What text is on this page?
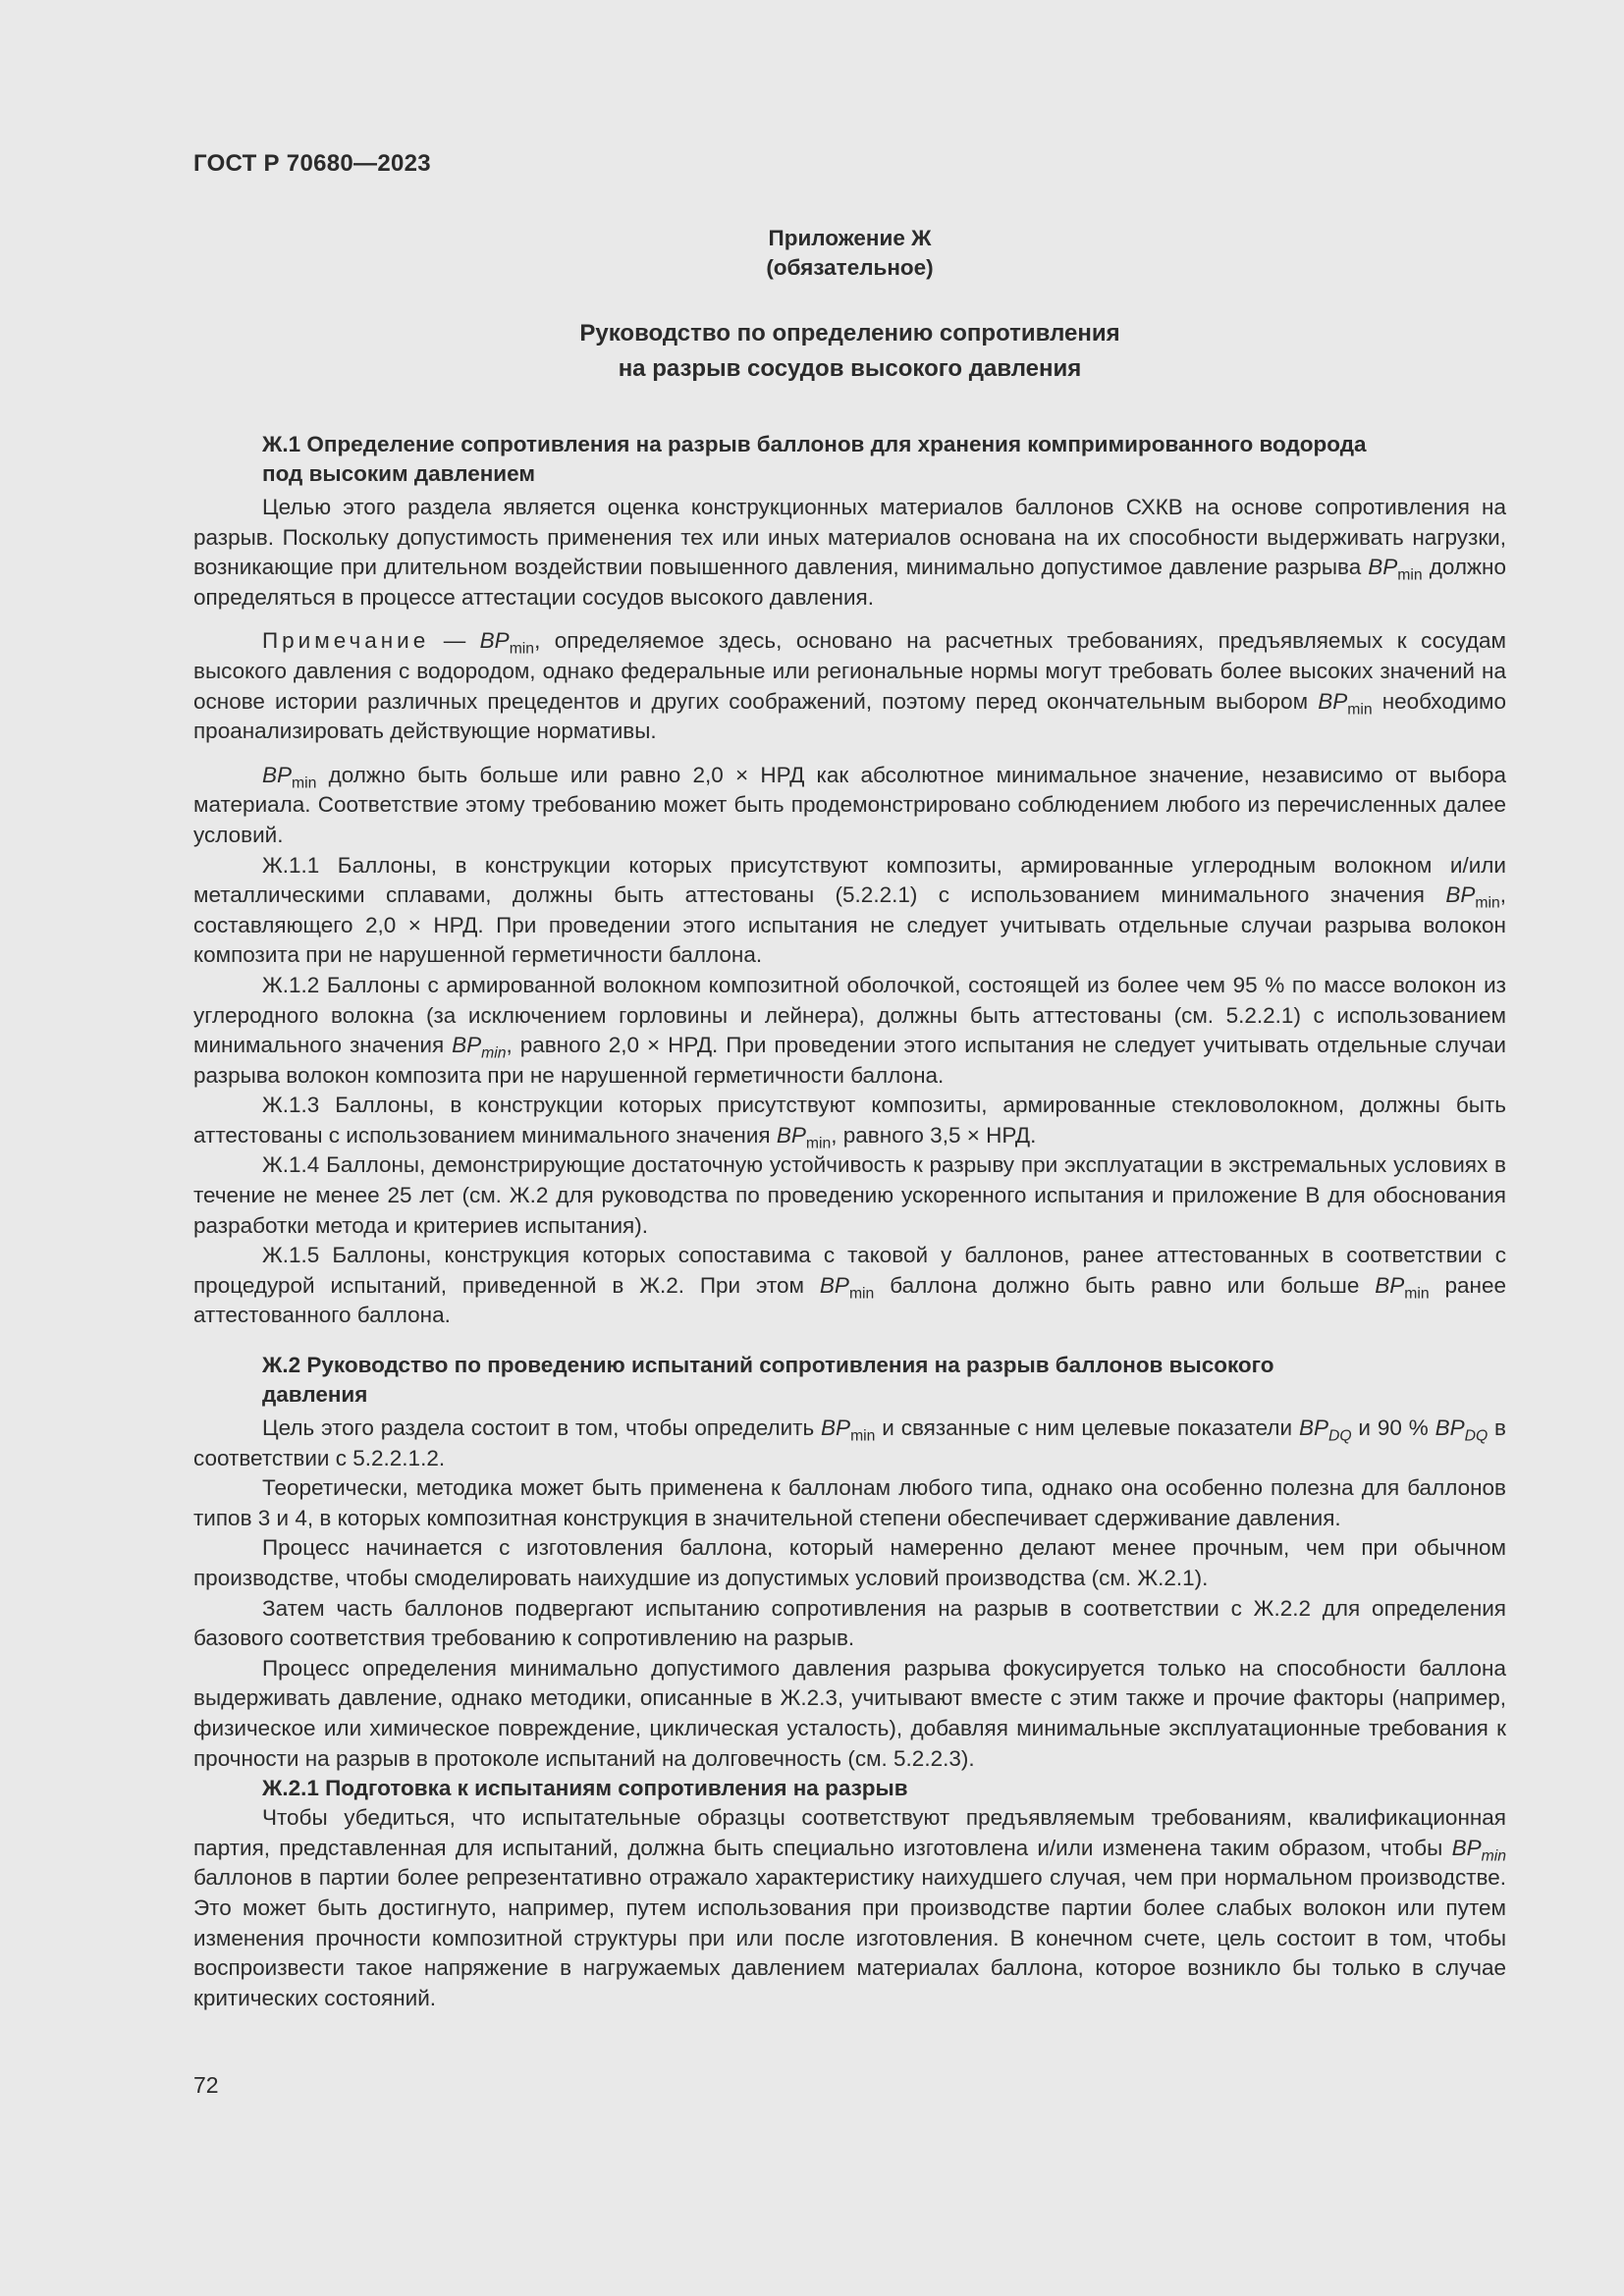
ГОСТ Р 70680—2023
Приложение Ж
(обязательное)
Руководство по определению сопротивления
на разрыв сосудов высокого давления
Ж.1 Определение сопротивления на разрыв баллонов для хранения компримированного водорода
под высоким давлением

Целью этого раздела является оценка конструкционных материалов баллонов СХКВ на основе сопротивления на разрыв. Поскольку допустимость применения тех или иных материалов основана на их способности выдерживать нагрузки, возникающие при длительном воздействии повышенного давления, минимально допустимое давление разрыва $BP_{min}$ должно определяться в процессе аттестации сосудов высокого давления.

Примечание — $BP_{min}$, определяемое здесь, основано на расчетных требованиях, предъявляемых к сосудам высокого давления с водородом, однако федеральные или региональные нормы могут требовать более высоких значений на основе истории различных прецедентов и других соображений, поэтому перед окончательным выбором $BP_{min}$ необходимо проанализировать действующие нормативы.

$BP_{min}$ должно быть больше или равно 2,0 × НРД как абсолютное минимальное значение, независимо от выбора материала. Соответствие этому требованию может быть продемонстрировано соблюдением любого из перечисленных далее условий.

Ж.1.1 Баллоны, в конструкции которых присутствуют композиты, армированные углеродным волокном и/или металлическими сплавами, должны быть аттестованы (5.2.2.1) с использованием минимального значения $BP_{min}$, составляющего 2,0 × НРД. При проведении этого испытания не следует учитывать отдельные случаи разрыва волокон композита при не нарушенной герметичности баллона.

Ж.1.2 Баллоны с армированной волокном композитной оболочкой, состоящей из более чем 95 % по массе волокон из углеродного волокна (за исключением горловины и лейнера), должны быть аттестованы (см. 5.2.2.1) с использованием минимального значения $BP_{min}$, равного 2,0 × НРД. При проведении этого испытания не следует учитывать отдельные случаи разрыва волокон композита при не нарушенной герметичности баллона.

Ж.1.3 Баллоны, в конструкции которых присутствуют композиты, армированные стекловолокном, должны быть аттестованы с использованием минимального значения $BP_{min}$, равного 3,5 × НРД.

Ж.1.4 Баллоны, демонстрирующие достаточную устойчивость к разрыву при эксплуатации в экстремальных условиях в течение не менее 25 лет (см. Ж.2 для руководства по проведению ускоренного испытания и приложение В для обоснования разработки метода и критериев испытания).

Ж.1.5 Баллоны, конструкция которых сопоставима с таковой у баллонов, ранее аттестованных в соответствии с процедурой испытаний, приведенной в Ж.2. При этом $BP_{min}$ баллона должно быть равно или больше $BP_{min}$ ранее аттестованного баллона.

Ж.2 Руководство по проведению испытаний сопротивления на разрыв баллонов высокого
давления

Цель этого раздела состоит в том, чтобы определить $BP_{min}$ и связанные с ним целевые показатели $BP_{DQ}$ и 90 % $BP_{DQ}$ в соответствии с 5.2.2.1.2.

Теоретически, методика может быть применена к баллонам любого типа, однако она особенно полезна для баллонов типов 3 и 4, в которых композитная конструкция в значительной степени обеспечивает сдерживание давления.

Процесс начинается с изготовления баллона, который намеренно делают менее прочным, чем при обычном производстве, чтобы смоделировать наихудшие из допустимых условий производства (см. Ж.2.1).

Затем часть баллонов подвергают испытанию сопротивления на разрыв в соответствии с Ж.2.2 для определения базового соответствия требованию к сопротивлению на разрыв.

Процесс определения минимально допустимого давления разрыва фокусируется только на способности баллона выдерживать давление, однако методики, описанные в Ж.2.3, учитывают вместе с этим также и прочие факторы (например, физическое или химическое повреждение, циклическая усталость), добавляя минимальные эксплуатационные требования к прочности на разрыв в протоколе испытаний на долговечность (см. 5.2.2.3).

Ж.2.1 Подготовка к испытаниям сопротивления на разрыв

Чтобы убедиться, что испытательные образцы соответствуют предъявляемым требованиям, квалификационная партия, представленная для испытаний, должна быть специально изготовлена и/или изменена таким образом, чтобы $BP_{min}$ баллонов в партии более репрезентативно отражало характеристику наихудшего случая, чем при нормальном производстве. Это может быть достигнуто, например, путем использования при производстве партии более слабых волокон или путем изменения прочности композитной структуры при или после изготовления. В конечном счете, цель состоит в том, чтобы воспроизвести такое напряжение в нагружаемых давлением материалах баллона, которое возникло бы только в случае критических состояний.

72
